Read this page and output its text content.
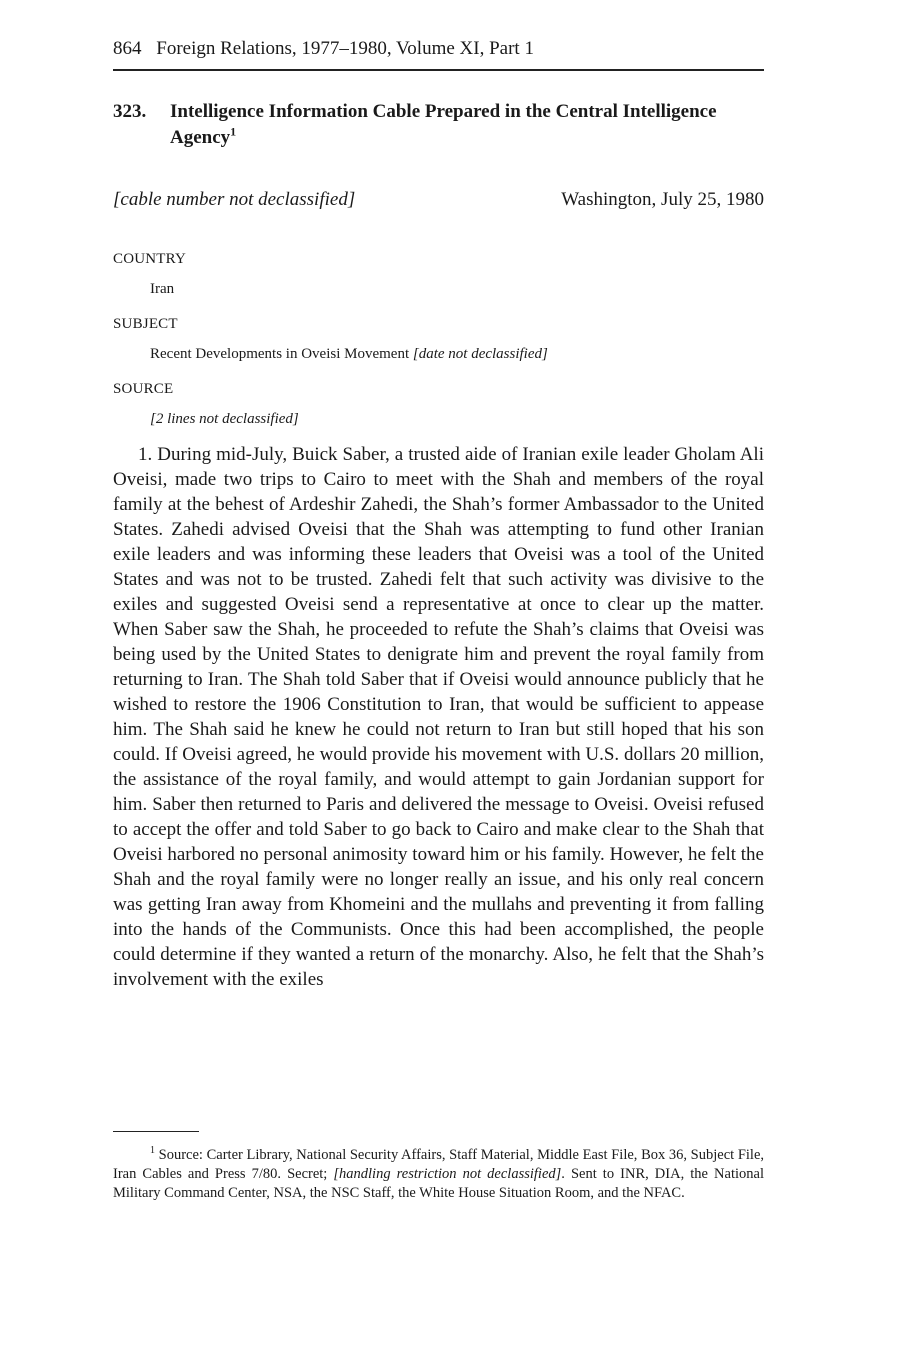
864 Foreign Relations, 1977–1980, Volume XI, Part 1
323. Intelligence Information Cable Prepared in the Central Intelligence Agency$^1$
[cable number not declassified]	Washington, July 25, 1980
COUNTRY
Iran
SUBJECT
Recent Developments in Oveisi Movement [date not declassified]
SOURCE
[2 lines not declassified]

1. During mid-July, Buick Saber, a trusted aide of Iranian exile leader Gholam Ali Oveisi, made two trips to Cairo to meet with the Shah and members of the royal family at the behest of Ardeshir Zahedi, the Shah’s former Ambassador to the United States. Zahedi advised Oveisi that the Shah was attempting to fund other Iranian exile leaders and was informing these leaders that Oveisi was a tool of the United States and was not to be trusted. Zahedi felt that such activity was divisive to the exiles and suggested Oveisi send a representative at once to clear up the matter. When Saber saw the Shah, he proceeded to refute the Shah’s claims that Oveisi was being used by the United States to denigrate him and prevent the royal family from returning to Iran. The Shah told Saber that if Oveisi would announce publicly that he wished to restore the 1906 Constitution to Iran, that would be sufficient to appease him. The Shah said he knew he could not return to Iran but still hoped that his son could. If Oveisi agreed, he would provide his movement with U.S. dollars 20 million, the assistance of the royal family, and would attempt to gain Jordanian support for him. Saber then returned to Paris and delivered the message to Oveisi. Oveisi refused to accept the offer and told Saber to go back to Cairo and make clear to the Shah that Oveisi harbored no personal animosity toward him or his family. However, he felt the Shah and the royal family were no longer really an issue, and his only real concern was getting Iran away from Khomeini and the mullahs and preventing it from falling into the hands of the Communists. Once this had been accomplished, the people could determine if they wanted a return of the monarchy. Also, he felt that the Shah’s involvement with the exiles

$^1$ Source: Carter Library, National Security Affairs, Staff Material, Middle East File, Box 36, Subject File, Iran Cables and Press 7/80. Secret; [handling restriction not declassified]. Sent to INR, DIA, the National Military Command Center, NSA, the NSC Staff, the White House Situation Room, and the NFAC.
